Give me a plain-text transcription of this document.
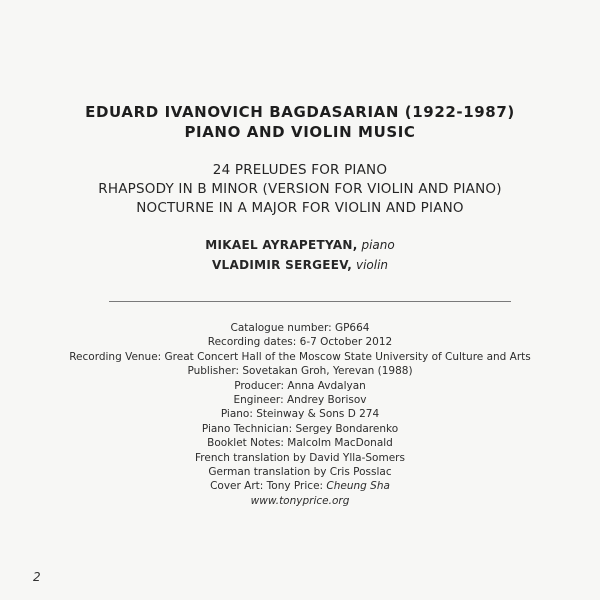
EDUARD IVANOVICH BAGDASARIAN (1922-1987)
PIANO AND VIOLIN MUSIC
24 PRELUDES FOR PIANO
RHAPSODY IN B MINOR (VERSION FOR VIOLIN AND PIANO)
NOCTURNE IN A MAJOR FOR VIOLIN AND PIANO
MIKAEL AYRAPETYAN, piano
VLADIMIR SERGEEV, violin
Catalogue number: GP664
Recording dates: 6-7 October 2012
Recording Venue: Great Concert Hall of the Moscow State University of Culture and Arts
Publisher: Sovetakan Groh, Yerevan (1988)
Producer: Anna Avdalyan
Engineer: Andrey Borisov
Piano: Steinway & Sons D 274
Piano Technician: Sergey Bondarenko
Booklet Notes: Malcolm MacDonald
French translation by David Ylla-Somers
German translation by Cris Posslac
Cover Art: Tony Price: Cheung Sha
www.tonyprice.org
2
